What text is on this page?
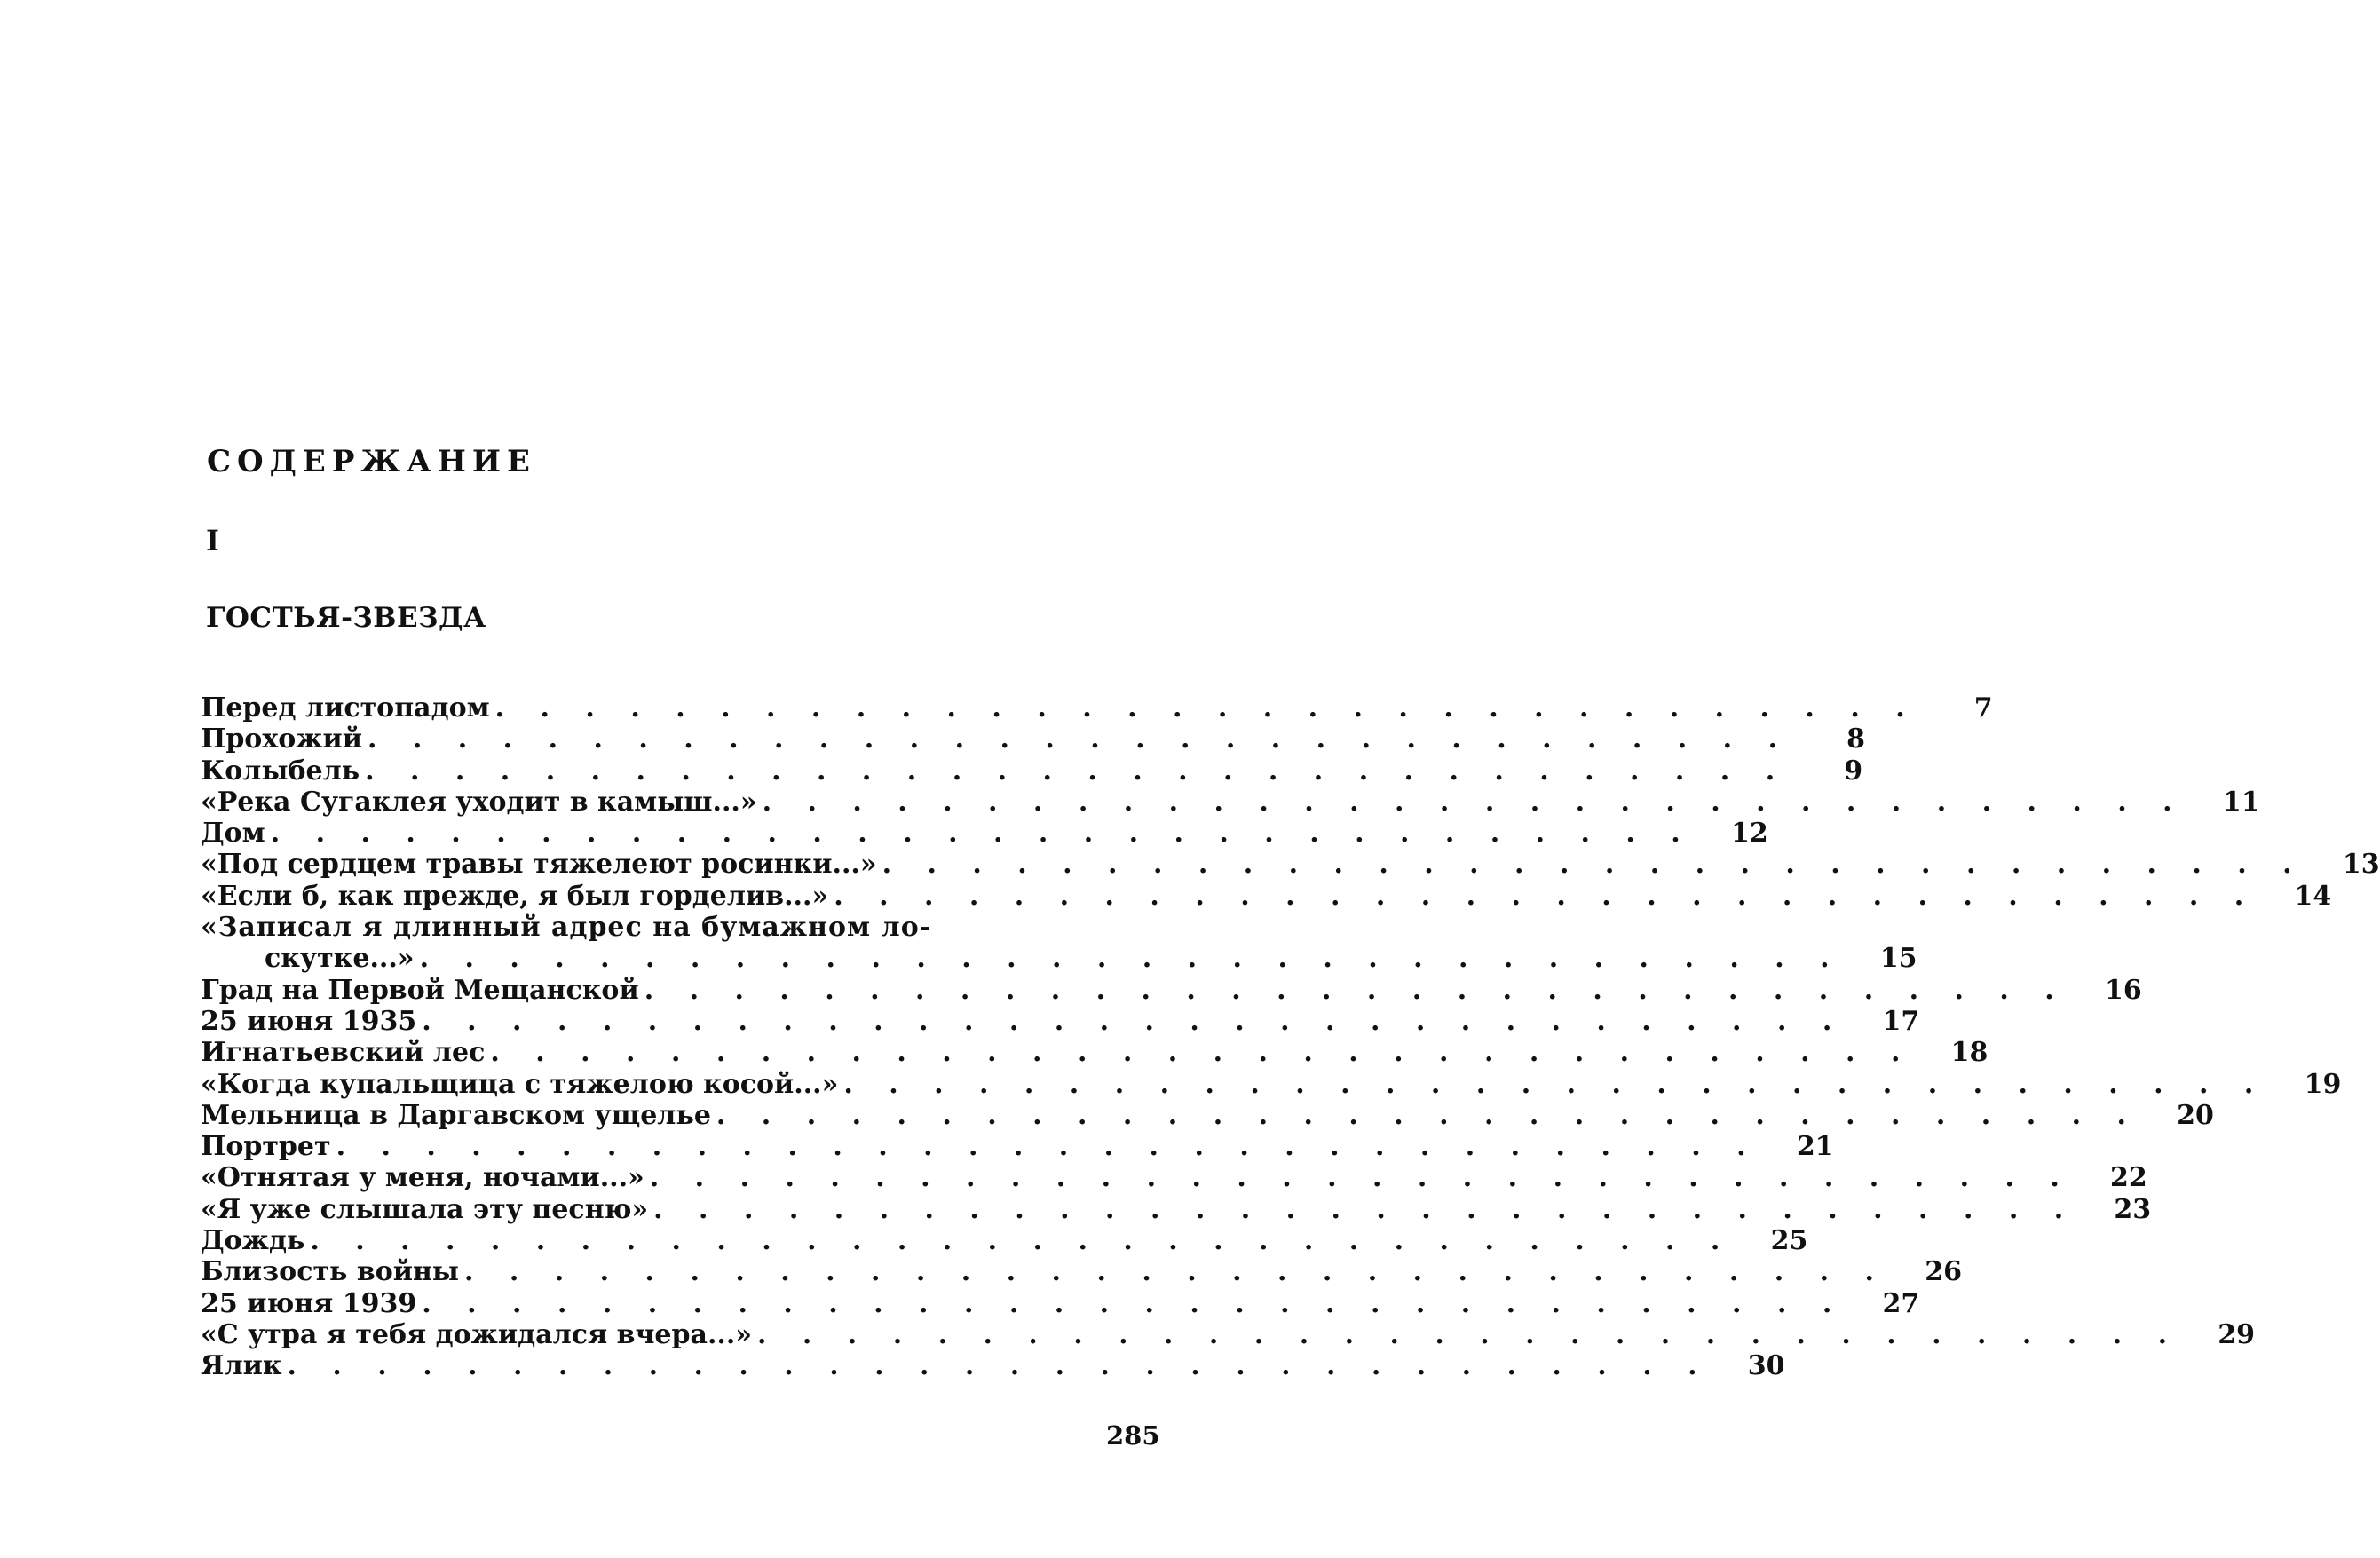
СОДЕРЖАНИЕ
I
ГОСТЬЯ-ЗВЕЗДА
Перед листопадом . . . . . . . . . . . . . . . . . . . . . . . . . . . . . . . .	7
Прохожий . . . . . . . . . . . . . . . . . . . . . . . . . . . . . . . .	8
Колыбель . . . . . . . . . . . . . . . . . . . . . . . . . . . . . . . .	9
«Река Сугаклея уходит в камыш...» . . . . . . . . . . . . . . . . . . . . . . . . . . . . . . . .	11
Дом . . . . . . . . . . . . . . . . . . . . . . . . . . . . . . . .	12
«Под сердцем травы тяжелеют росинки...» . . . . . . . . . . . . . . . . . . . . . . . . . . . . . . . .	13
«Если б, как прежде, я был горделив...» . . . . . . . . . . . . . . . . . . . . . . . . . . . . . . . .	14
«Записал я длинный адрес на бумажном ло-
скутке...» . . . . . . . . . . . . . . . . . . . . . . . . . . . . . . . .	15
Град на Первой Мещанской . . . . . . . . . . . . . . . . . . . . . . . . . . . . . . . .	16
25 июня 1935 . . . . . . . . . . . . . . . . . . . . . . . . . . . . . . . .	17
Игнатьевский лес . . . . . . . . . . . . . . . . . . . . . . . . . . . . . . . .	18
«Когда купальщица с тяжелою косой...» . . . . . . . . . . . . . . . . . . . . . . . . . . . . . . . .	19
Мельница в Даргавском ущелье . . . . . . . . . . . . . . . . . . . . . . . . . . . . . . . .	20
Портрет . . . . . . . . . . . . . . . . . . . . . . . . . . . . . . . .	21
«Отнятая у меня, ночами...» . . . . . . . . . . . . . . . . . . . . . . . . . . . . . . . .	22
«Я уже слышала эту песню» . . . . . . . . . . . . . . . . . . . . . . . . . . . . . . . .	23
Дождь . . . . . . . . . . . . . . . . . . . . . . . . . . . . . . . .	25
Близость войны . . . . . . . . . . . . . . . . . . . . . . . . . . . . . . . .	26
25 июня 1939 . . . . . . . . . . . . . . . . . . . . . . . . . . . . . . . .	27
«С утра я тебя дожидался вчера...» . . . . . . . . . . . . . . . . . . . . . . . . . . . . . . . .	29
Ялик . . . . . . . . . . . . . . . . . . . . . . . . . . . . . . . .	30
285
